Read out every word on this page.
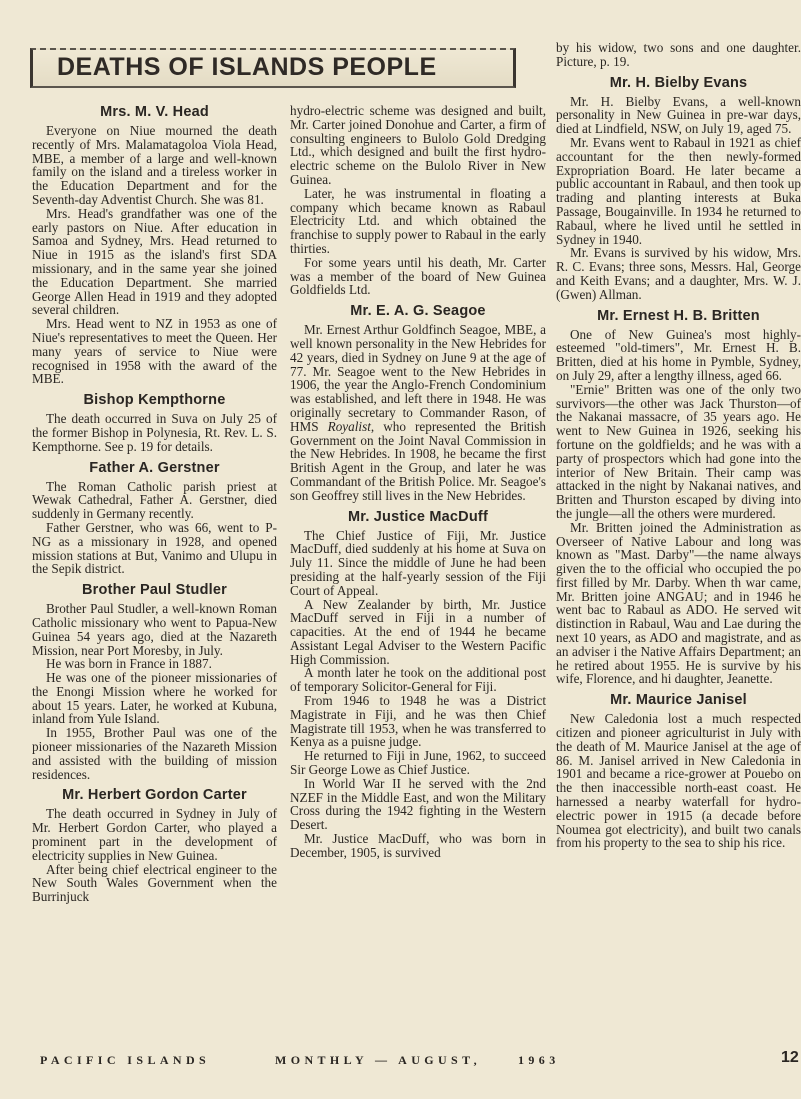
DEATHS OF ISLANDS PEOPLE
Mrs. M. V. Head

Everyone on Niue mourned the death recently of Mrs. Malamatagoloa Viola Head, MBE, a member of a large and well-known family on the island and a tireless worker in the Education Department and for the Seventh-day Adventist Church. She was 81.

Mrs. Head's grandfather was one of the early pastors on Niue. After education in Samoa and Sydney, Mrs. Head returned to Niue in 1915 as the island's first SDA missionary, and in the same year she joined the Education Department. She married George Allen Head in 1919 and they adopted several children.

Mrs. Head went to NZ in 1953 as one of Niue's representatives to meet the Queen. Her many years of service to Niue were recognised in 1958 with the award of the MBE.

Bishop Kempthorne

The death occurred in Suva on July 25 of the former Bishop in Polynesia, Rt. Rev. L. S. Kempthorne. See p. 19 for details.

Father A. Gerstner

The Roman Catholic parish priest at Wewak Cathedral, Father A. Gerstner, died suddenly in Germany recently.

Father Gerstner, who was 66, went to P-NG as a missionary in 1928, and opened mission stations at But, Vanimo and Ulupu in the Sepik district.

Brother Paul Studler

Brother Paul Studler, a well-known Roman Catholic missionary who went to Papua-New Guinea 54 years ago, died at the Nazareth Mission, near Port Moresby, in July.

He was born in France in 1887.

He was one of the pioneer missionaries of the Enongi Mission where he worked for about 15 years. Later, he worked at Kubuna, inland from Yule Island.

In 1955, Brother Paul was one of the pioneer missionaries of the Nazareth Mission and assisted with the building of mission residences.

Mr. Herbert Gordon Carter

The death occurred in Sydney in July of Mr. Herbert Gordon Carter, who played a prominent part in the development of electricity supplies in New Guinea.

After being chief electrical engineer to the New South Wales Government when the Burrinjuck

hydro-electric scheme was designed and built, Mr. Carter joined Donohue and Carter, a firm of consulting engineers to Bulolo Gold Dredging Ltd., which designed and built the first hydro-electric scheme on the Bulolo River in New Guinea.

Later, he was instrumental in floating a company which became known as Rabaul Electricity Ltd. and which obtained the franchise to supply power to Rabaul in the early thirties.

For some years until his death, Mr. Carter was a member of the board of New Guinea Goldfields Ltd.

Mr. E. A. G. Seagoe

Mr. Ernest Arthur Goldfinch Seagoe, MBE, a well known personality in the New Hebrides for 42 years, died in Sydney on June 9 at the age of 77. Mr. Seagoe went to the New Hebrides in 1906, the year the Anglo-French Condominium was established, and left there in 1948. He was originally secretary to Commander Rason, of HMS Royalist, who represented the British Government on the Joint Naval Commission in the New Hebrides. In 1908, he became the first British Agent in the Group, and later he was Commandant of the British Police. Mr. Seagoe's son Geoffrey still lives in the New Hebrides.

Mr. Justice MacDuff

The Chief Justice of Fiji, Mr. Justice MacDuff, died suddenly at his home at Suva on July 11. Since the middle of June he had been presiding at the half-yearly session of the Fiji Court of Appeal.

A New Zealander by birth, Mr. Justice MacDuff served in Fiji in a number of capacities. At the end of 1944 he became Assistant Legal Adviser to the Western Pacific High Commission.

A month later he took on the additional post of temporary Solicitor-General for Fiji.

From 1946 to 1948 he was a District Magistrate in Fiji, and he was then Chief Magistrate till 1953, when he was transferred to Kenya as a puisne judge.

He returned to Fiji in June, 1962, to succeed Sir George Lowe as Chief Justice.

In World War II he served with the 2nd NZEF in the Middle East, and won the Military Cross during the 1942 fighting in the Western Desert.

Mr. Justice MacDuff, who was born in December, 1905, is survived

by his widow, two sons and one daughter. Picture, p. 19.

Mr. H. Bielby Evans

Mr. H. Bielby Evans, a well-known personality in New Guinea in pre-war days, died at Lindfield, NSW, on July 19, aged 75.

Mr. Evans went to Rabaul in 1921 as chief accountant for the then newly-formed Expropriation Board. He later became a public accountant in Rabaul, and then took up trading and planting interests at Buka Passage, Bougainville. In 1934 he returned to Rabaul, where he lived until he settled in Sydney in 1940.

Mr. Evans is survived by his widow, Mrs. R. C. Evans; three sons, Messrs. Hal, George and Keith Evans; and a daughter, Mrs. W. J. (Gwen) Allman.

Mr. Ernest H. B. Britten

One of New Guinea's most highly-esteemed "old-timers", Mr. Ernest H. B. Britten, died at his home in Pymble, Sydney, on July 29, after a lengthy illness, aged 66.

"Ernie" Britten was one of the only two survivors—the other was Jack Thurston—of the Nakanai massacre, of 35 years ago. He went to New Guinea in 1926, seeking his fortune on the goldfields; and he was with a party of prospectors which had gone into the interior of New Britain. Their camp was attacked in the night by Nakanai natives, and Britten and Thurston escaped by diving into the jungle—all the others were murdered.

Mr. Britten joined the Administration as Overseer of Native Labour and long was known as "Mast. Darby"—the name always given the to the official who occupied the po first filled by Mr. Darby. When th war came, Mr. Britten joine ANGAU; and in 1946 he went bac to Rabaul as ADO. He served wit distinction in Rabaul, Wau and Lae during the next 10 years, as ADO and magistrate, and as an adviser i the Native Affairs Department; an he retired about 1955. He is survive by his wife, Florence, and hi daughter, Jeanette.

Mr. Maurice Janisel

New Caledonia lost a much respected citizen and pioneer agriculturist in July with the death of M. Maurice Janisel at the age of 86. M. Janisel arrived in New Caledonia in 1901 and became a rice-grower at Pouebo on the then inaccessible north-east coast. He harnessed a nearby waterfall for hydro-electric power in 1915 (a decade before Noumea got electricity), and built two canals from his property to the sea to ship his rice.

PACIFIC ISLANDS	MONTHLY — AUGUST,	1963	12
